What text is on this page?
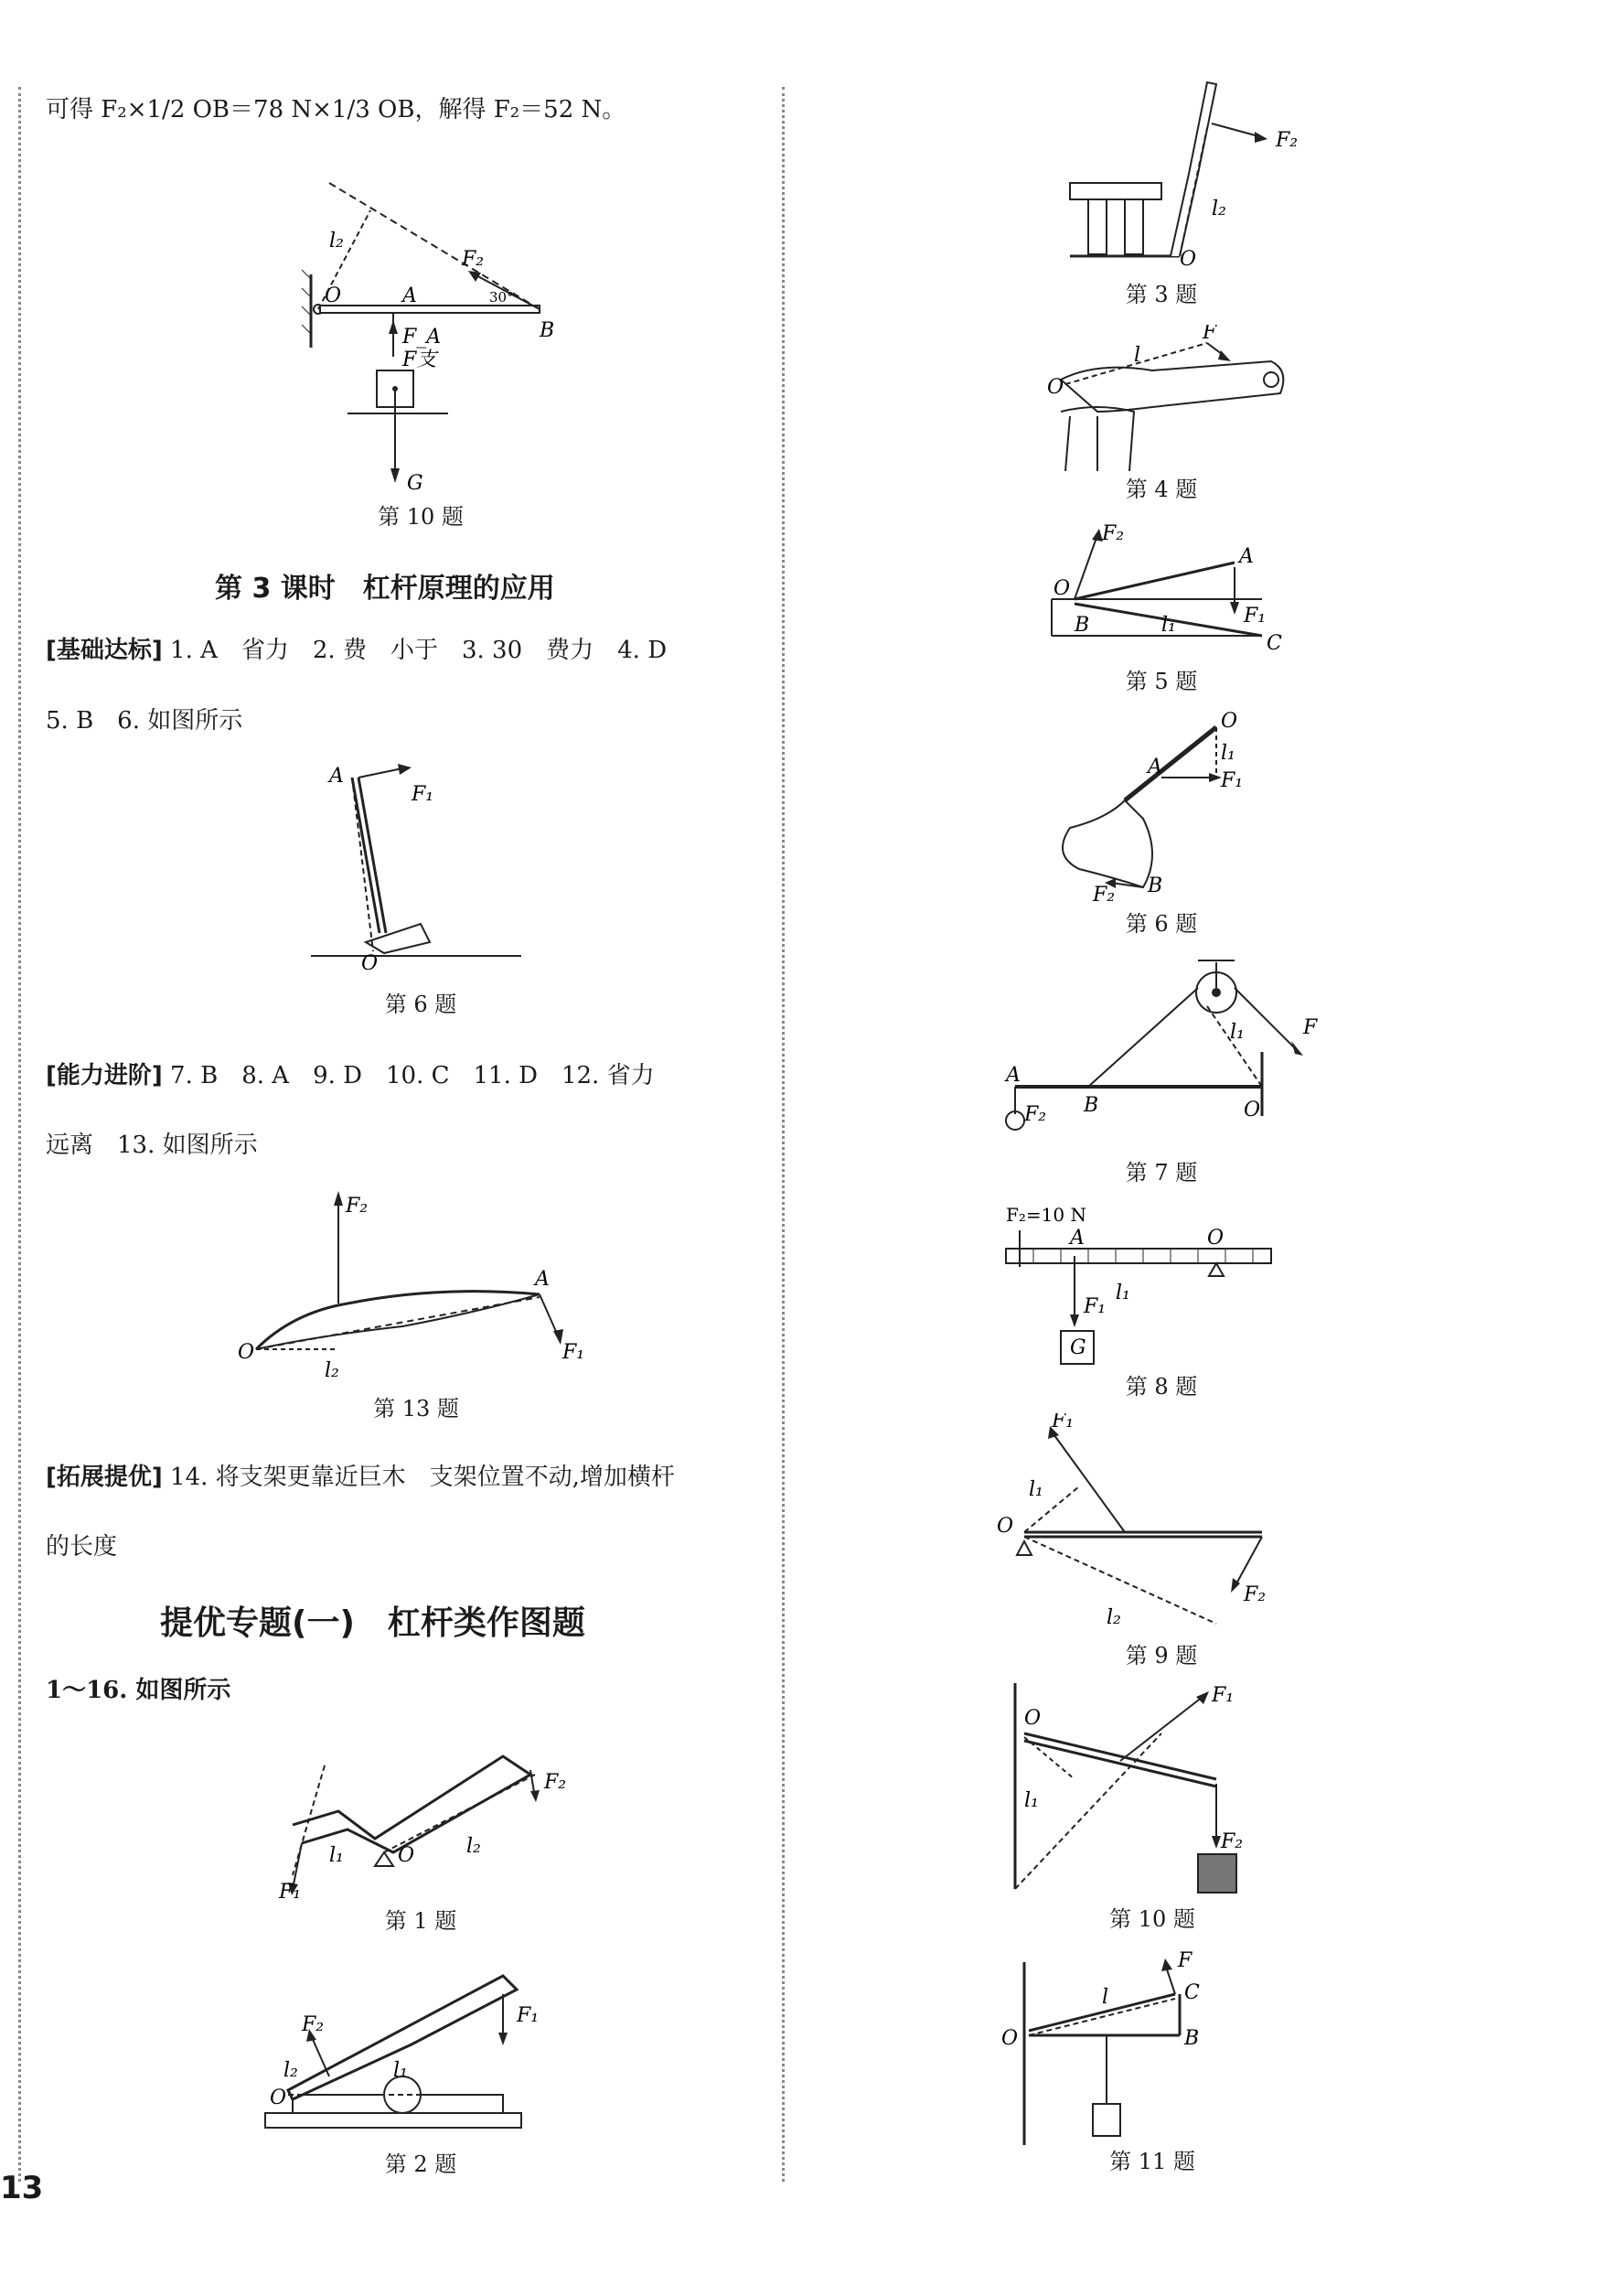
可得 F₂×1/2 OB＝78 N×1/3 OB，解得 F₂＝52 N。
O	A
B
F₂
l₂
F_A
F支
30°
G
第 10 题
第 3 课时　杠杆原理的应用
[基础达标] 1. A　省力　2. 费　小于　3. 30　费力　4. D
5. B　6. 如图所示
A
F₁
O
第 6 题
[能力进阶] 7. B　8. A　9. D　10. C　11. D　12. 省力
远离　13. 如图所示
F₂
A
F₁
O
l₂
第 13 题
[拓展提优] 14. 将支架更靠近巨木　支架位置不动,增加横杆
的长度
提优专题(一)　杠杆类作图题
1～16. 如图所示
F₂
F₁
l₁	O	l₂
第 1 题
F₁
F₂
l₂	l₁
O
第 2 题
F₂
l₂
O
第 3 题
O
l
F
第 4 题
F₂
A
O
B	l₁	F₁
C
第 5 题
O
l₁
F₁
A
B
F₂
第 6 题
A
B	O
F₂
l₁	F
第 7 题
F₂=10 N
A	O
F₁
l₁
G
第 8 题
F₁
l₁
O
F₂
l₂
第 9 题
O
l₁
F₁
F₂
第 10 题
O
l
F
C
B
第 11 题
13
